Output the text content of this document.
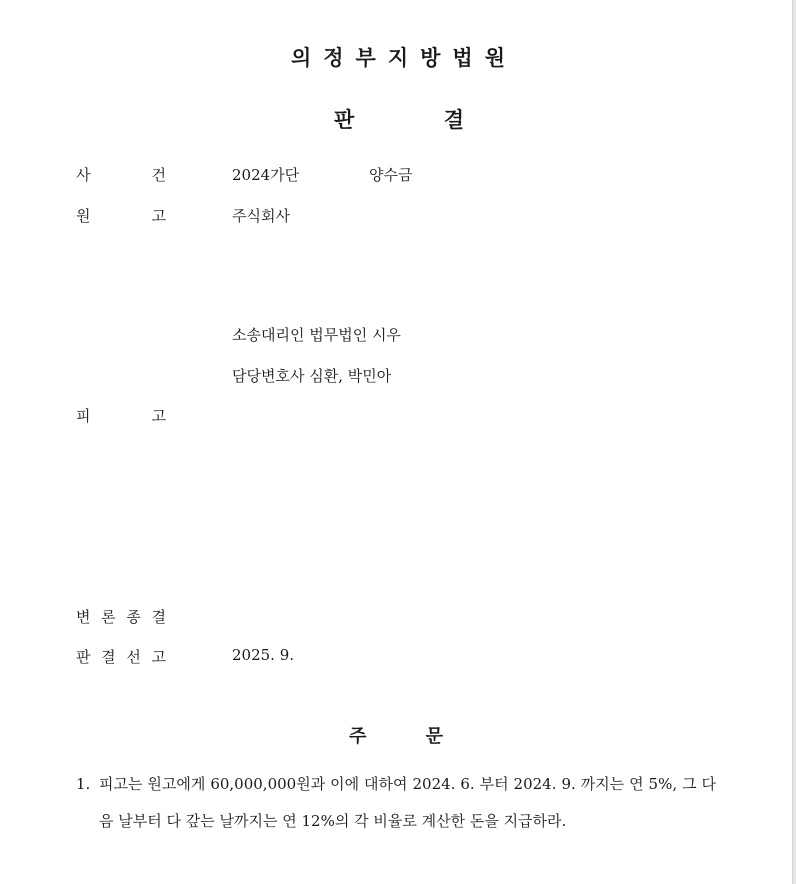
의정부지방법원
판	결
사	건	2024가단	양수금
원	고	주식회사
소송대리인 법무법인 시우
담당변호사 심환, 박민아
피	고
변 론 종 결
판 결 선 고	2025. 9.
주	문
1. 피고는 원고에게 60,000,000원과 이에 대하여 2024. 6. 부터 2024. 9. 까지는 연 5%, 그 다음 날부터 다 갚는 날까지는 연 12%의 각 비율로 계산한 돈을 지급하라.
